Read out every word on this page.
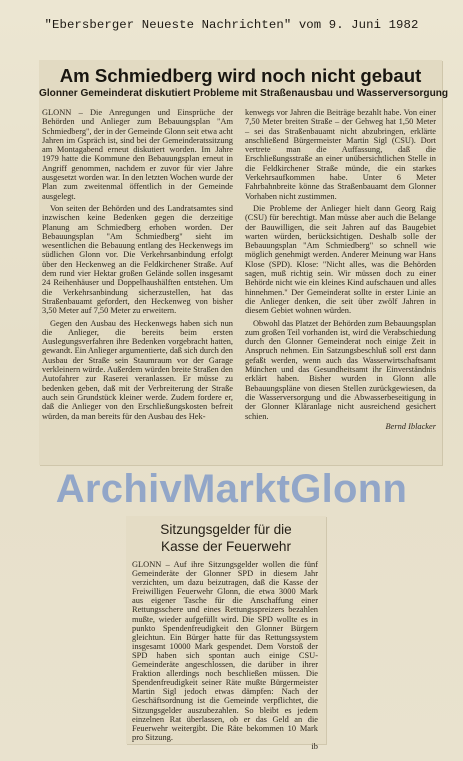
"Ebersberger Neueste Nachrichten" vom 9. Juni 1982
Am Schmiedberg wird noch nicht gebaut
Glonner Gemeinderat diskutiert Probleme mit Straßenausbau und Wasserversorgung

GLONN – Die Anregungen und Einsprüche der Behörden und Anlieger zum Bebauungsplan "Am Schmiedberg", der in der Gemeinde Glonn seit etwa acht Jahren im Gspräch ist, sind bei der Gemeinderatssitzung am Montagabend erneut diskutiert worden. Im Jahre 1979 hatte die Kommune den Bebauungsplan erneut in Angriff genommen, nachdem er zuvor für vier Jahre ausgesetzt worden war. In den letzten Wochen wurde der Plan zum zweitenmal öffentlich in der Gemeinde ausgelegt.

Von seiten der Behörden und des Landratsamtes sind inzwischen keine Bedenken gegen die derzeitige Planung am Schmiedberg erhoben worden. Der Bebauungsplan "Am Schmiedberg" sieht im wesentlichen die Bebauung entlang des Heckenwegs im südlichen Glonn vor. Die Verkehrsanbindung erfolgt über den Heckenweg an die Feldkirchener Straße. Auf dem rund vier Hektar großen Gelände sollen insgesamt 24 Reihenhäuser und Doppelhaushälften entstehen. Um die Verkehrsanbindung sicherzustellen, hat das Straßenbauamt gefordert, den Heckenweg von bisher 3,50 Meter auf 7,50 Meter zu erweitern.

Gegen den Ausbau des Heckenwegs haben sich nun die Anlieger, die bereits beim ersten Auslegungsverfahren ihre Bedenken vorgebracht hatten, gewandt. Ein Anlieger argumentierte, daß sich durch den Ausbau der Straße sein Staumraum vor der Garage verkleinern würde. Außerdem würden breite Straßen den Autofahrer zur Raserei veranlassen. Er müsse zu bedenken geben, daß mit der Verbreiterung der Straße auch sein Grundstück kleiner werde. Zudem fordere er, daß die Anlieger von den Erschließungskosten befreit würden, da man bereits für den Ausbau des Hek-

kenwegs vor Jahren die Beiträge bezahlt habe. Von einer 7,50 Meter breiten Straße – der Gehweg hat 1,50 Meter – sei das Straßenbauamt nicht abzubringen, erklärte anschließend Bürgermeister Martin Sigl (CSU). Dort vertrete man die Auffassung, daß die Erschließungsstraße an einer unübersichtlichen Stelle in die Feldkirchener Straße münde, die ein starkes Verkehrsaufkommen habe. Unter 6 Meter Fahrbahnbreite könne das Straßenbauamt dem Glonner Vorhaben nicht zustimmen.

Die Probleme der Anlieger hielt dann Georg Raig (CSU) für berechtigt. Man müsse aber auch die Belange der Bauwilligen, die seit Jahren auf das Baugebiet warten würden, berücksichtigen. Deshalb solle der Bebauungsplan "Am Schmiedberg" so schnell wie möglich genehmigt werden. Anderer Meinung war Hans Klose (SPD). Klose: "Nicht alles, was die Behörden sagen, muß richtig sein. Wir müssen doch zu einer Behörde nicht wie ein kleines Kind aufschauen und alles hinnehmen." Der Gemeinderat sollte in erster Linie an die Anlieger denken, die seit über zwölf Jahren in diesem Gebiet wohnen würden.

Obwohl das Platzet der Behörden zum Bebauungsplan zum großen Teil vorhanden ist, wird die Verabschiedung durch den Glonner Gemeinderat noch einige Zeit in Anspruch nehmen. Ein Satzungsbeschluß soll erst dann gefaßt werden, wenn auch das Wasserwirtschaftsamt München und das Gesundheitsamt ihr Einverständnis erklärt haben. Bisher wurden in Glonn alle Bebauungspläne von diesen Stellen zurückgewiesen, da die Wasserversorgung und die Abwasserbeseitigung in der Glonner Kläranlage nicht ausreichend gesichert schien.

Bernd Iblacker
ArchivMarktGlonn
Sitzungsgelder für die
Kasse der Feuerwehr

GLONN – Auf ihre Sitzungsgelder wollen die fünf Gemeinderäte der Glonner SPD in diesem Jahr verzichten, um dazu beizutragen, daß die Kasse der Freiwilligen Feuerwehr Glonn, die etwa 3000 Mark aus eigener Tasche für die Anschaffung einer Rettungsschere und eines Rettungsspreizers bezahlen mußte, wieder aufgefüllt wird. Die SPD wollte es in punkto Spendenfreudigkeit den Glonner Bürgern gleichtun. Ein Bürger hatte für das Rettungssystem insgesamt 10000 Mark gespendet. Dem Vorstoß der SPD haben sich spontan auch einige CSU-Gemeinderäte angeschlossen, die darüber in ihrer Fraktion allerdings noch beschließen müssen. Die Spendenfreudigkeit seiner Räte mußte Bürgermeister Martin Sigl jedoch etwas dämpfen: Nach der Geschäftsordnung ist die Gemeinde verpflichtet, die Sitzungsgelder auszubezahlen. So bleibt es jedem einzelnen Rat überlassen, ob er das Geld an die Feuerwehr weitergibt. Die Räte bekommen 10 Mark pro Sitzung.

ib
